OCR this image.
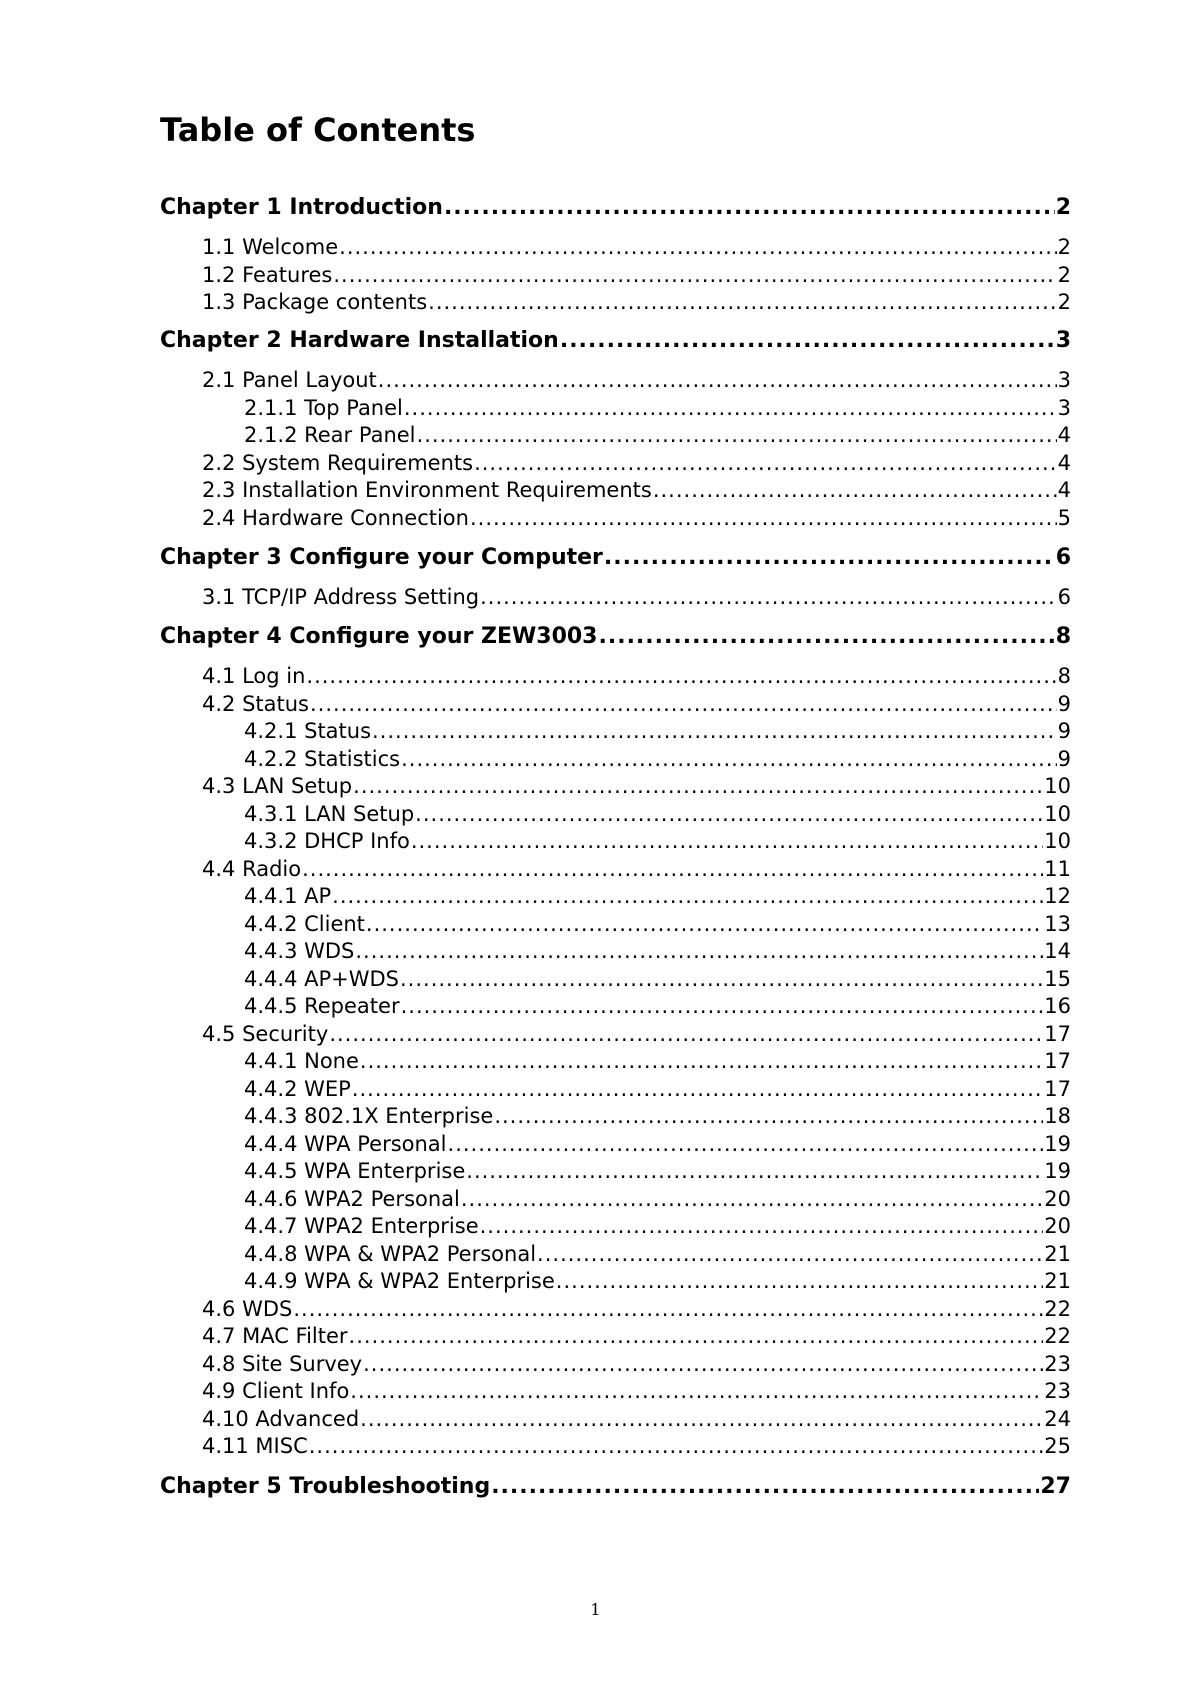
Table of Contents
Chapter 1 Introduction .....	2
1.1 Welcome .....	2
1.2 Features .....	2
1.3 Package contents .....	2
Chapter 2 Hardware Installation .....	3
2.1 Panel Layout .....	3
2.1.1 Top Panel .....	3
2.1.2 Rear Panel .....	4
2.2 System Requirements .....	4
2.3 Installation Environment Requirements .....	4
2.4 Hardware Connection .....	5
Chapter 3 Configure your Computer .....	6
3.1 TCP/IP Address Setting .....	6
Chapter 4 Configure your ZEW3003 .....	8
4.1 Log in .....	8
4.2 Status .....	9
4.2.1 Status .....	9
4.2.2 Statistics .....	9
4.3 LAN Setup .....	10
4.3.1 LAN Setup .....	10
4.3.2 DHCP Info .....	10
4.4 Radio .....	11
4.4.1 AP .....	12
4.4.2 Client .....	13
4.4.3 WDS .....	14
4.4.4 AP+WDS .....	15
4.4.5 Repeater .....	16
4.5 Security .....	17
4.4.1 None .....	17
4.4.2 WEP .....	17
4.4.3 802.1X Enterprise .....	18
4.4.4 WPA Personal .....	19
4.4.5 WPA Enterprise .....	19
4.4.6 WPA2 Personal .....	20
4.4.7 WPA2 Enterprise .....	20
4.4.8 WPA & WPA2 Personal .....	21
4.4.9 WPA & WPA2 Enterprise .....	21
4.6 WDS .....	22
4.7 MAC Filter .....	22
4.8 Site Survey .....	23
4.9 Client Info .....	23
4.10 Advanced .....	24
4.11 MISC .....	25
Chapter 5 Troubleshooting .....	27
1
